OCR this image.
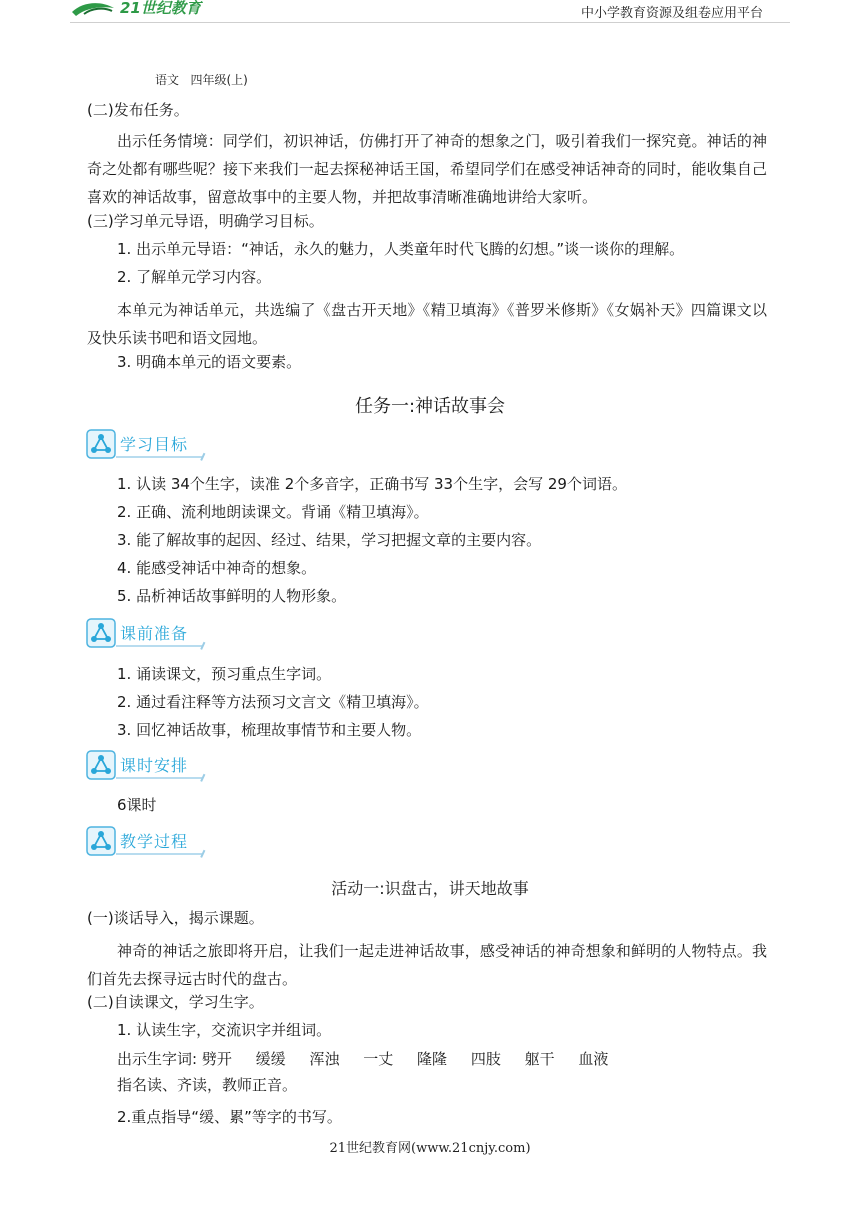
21世纪教育	中小学教育资源及组卷应用平台
语文   四年级(上)
(二)发布任务。
出示任务情境：同学们，初识神话，仿佛打开了神奇的想象之门，吸引着我们一探究竟。神话的神奇之处都有哪些呢？接下来我们一起去探秘神话王国，希望同学们在感受神话神奇的同时，能收集自己喜欢的神话故事，留意故事中的主要人物，并把故事清晰准确地讲给大家听。
(三)学习单元导语，明确学习目标。
1. 出示单元导语：“神话，永久的魅力，人类童年时代飞腾的幻想。”谈一谈你的理解。
2. 了解单元学习内容。
本单元为神话单元，共选编了《盘古开天地》《精卫填海》《普罗米修斯》《女娲补天》四篇课文以及快乐读书吧和语文园地。
3. 明确本单元的语文要素。
任务一:神话故事会
学习目标
1. 认读 34个生字，读准 2个多音字，正确书写 33个生字，会写 29个词语。
2. 正确、流利地朗读课文。背诵《精卫填海》。
3. 能了解故事的起因、经过、结果，学习把握文章的主要内容。
4. 能感受神话中神奇的想象。
5. 品析神话故事鲜明的人物形象。
课前准备
1. 诵读课文，预习重点生字词。
2. 通过看注释等方法预习文言文《精卫填海》。
3. 回忆神话故事，梳理故事情节和主要人物。
课时安排
6课时
教学过程
活动一:识盘古，讲天地故事
(一)谈话导入，揭示课题。
神奇的神话之旅即将开启，让我们一起走进神话故事，感受神话的神奇想象和鲜明的人物特点。我们首先去探寻远古时代的盘古。
(二)自读课文，学习生字。
1. 认读生字，交流识字并组词。
出示生字词: 劈开 缓缓 浑浊 一丈 隆隆 四肢 躯干 血液
指名读、齐读，教师正音。
2.重点指导“缓、累”等字的书写。
21世纪教育网(www.21cnjy.com)
